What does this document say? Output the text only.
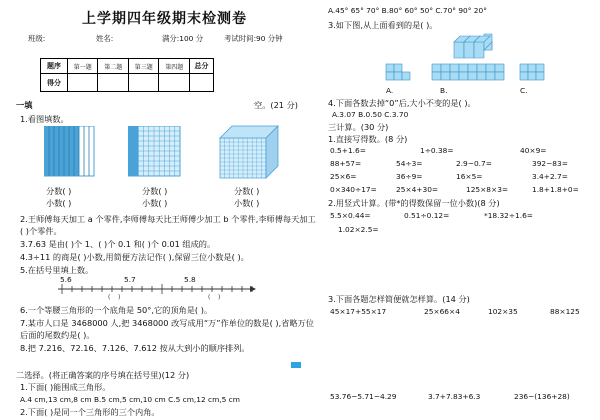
上学期四年级期末检测卷
班级:	姓名:	满分:100 分	考试时间:90 分钟
题序	第一题	第二题	第三题	第四题	总分
得分					
一填	空。(21 分)
1.看图填数。
分数( )
小数( )
分数( )
小数( )
分数( )
小数( )
2.王师傅每天加工 a 个零件,李师傅每天比王师傅少加工 b 个零件,李师傅每天加工
( )个零件。
3.7.63 是由( )个 1、( )个 0.1 和( )个 0.01 组成的。
4.3÷11 的商是( )小数,用简便方法记作( ),保留三位小数是( )。
5.在括号里填上数。
5.6	5.7	5.8
(    )	(    )
6.一个等腰三角形的一个底角是 50°,它的顶角是( )。
7.某市人口是 3468000 人,把 3468000 改写成用“万”作单位的数是( ),省略万位
后面的尾数约是( )。
8.把 7.216、72.16、7.126、7.612 按从大到小的顺序排列。
二选择。(将正确答案的序号填在括号里)(12 分)
1.下面( )能围成三角形。
A.4 cm,13 cm,8 cm B.5 cm,5 cm,10 cm C.5 cm,12 cm,5 cm
2.下面( )是同一个三角形的三个内角。
A.45° 65° 70° B.80° 60° 50° C.70° 90° 20°
3.如下图,从上面看到的是( )。
A.	B.	C.
4.下面各数去掉“0”后,大小不变的是( )。
A.3.07 B.0.50 C.3.70
三计算。(30 分)
1.直接写得数。(8 分)
0.5+1.6=	1÷0.38=	40×9=
88+57=	54÷3=	2.9−0.7=	392−83=
25×6=	36÷9=	16×5=	3.4+2.7=
0×340÷17=	25×4+30=	125×8×3=	1.8+1.8+0=
2.用竖式计算。(带*的得数保留一位小数)(8 分)
5.5×0.44=	0.51÷0.12=	*18.32÷1.6=
1.02×2.5=
3.下面各题怎样简便就怎样算。(14 分)
45×17+55×17	25×66×4	102×35	88×125
53.76−5.71−4.29	3.7+7.83+6.3	236−(136+28)
